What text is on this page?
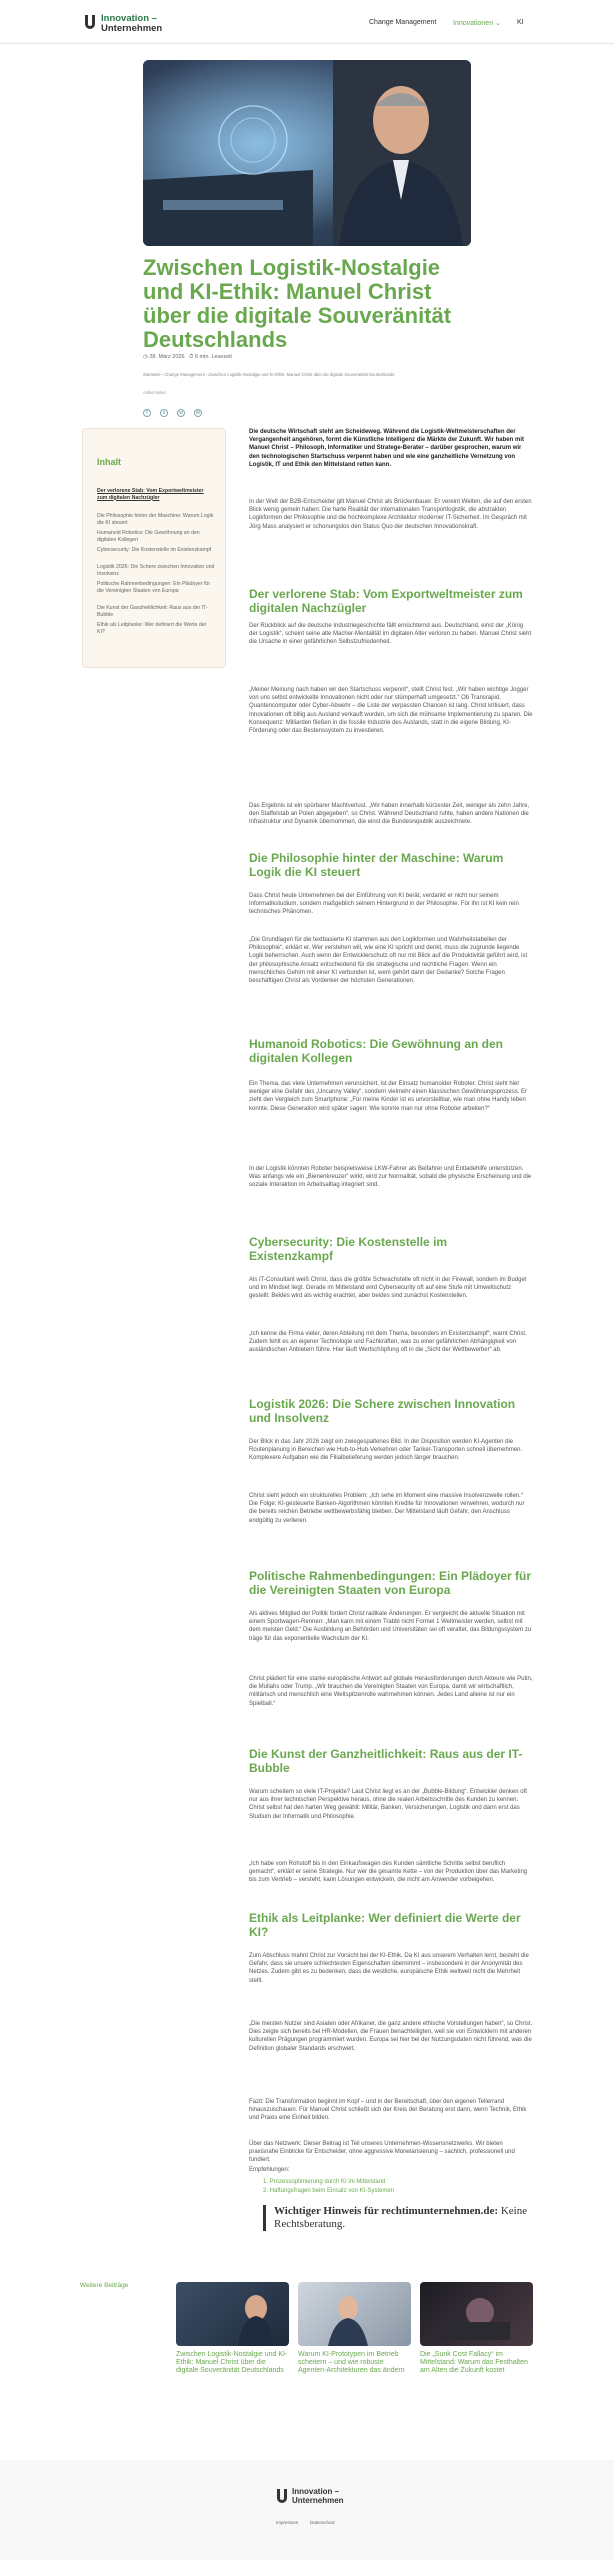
Innovation –
Unternehmen
Change Management Innovationen ⌄ KI
Zwischen Logistik-Nostalgie und KI-Ethik: Manuel Christ über die digitale Souveränität Deutschlands
◷ 28. März 2026 ⏱ 6 min. Lesezeit
Startseite › Change Management › Zwischen Logistik-Nostalgie und KI-Ethik: Manuel Christ über die digitale Souveränität Deutschlands
Artikel teilen
f	x	w	✉
Inhalt
Der verlorene Stab: Vom Exportweltmeister zum digitalen Nachzügler
Die Philosophie hinter der Maschine: Warum Logik die KI steuert
Humanoid Robotics: Die Gewöhnung an den digitalen Kollegen
Cybersecurity: Die Kostenstelle im Existenzkampf
Logistik 2026: Die Schere zwischen Innovation und Insolvenz
Politische Rahmenbedingungen: Ein Plädoyer für die Vereinigten Staaten von Europa
Die Kunst der Ganzheitlichkeit: Raus aus der IT-Bubble
Ethik als Leitplanke: Wer definiert die Werte der KI?
Die deutsche Wirtschaft steht am Scheideweg. Während die Logistik-Weltmeisterschaften der Vergangenheit angehören, formt die Künstliche Intelligenz die Märkte der Zukunft. Wir haben mit Manuel Christ – Philosoph, Informatiker und Stratege-Berater – darüber gesprochen, warum wir den technologischen Startschuss verpennt haben und wie eine ganzheitliche Vernetzung von Logistik, IT und Ethik den Mittelstand retten kann.
In der Welt der B2B-Entscheider gilt Manuel Christ als Brückenbauer. Er vereint Welten, die auf den ersten Blick wenig gemein haben: Die harte Realität der internationalen Transportlogistik, die abstrakten Logikformen der Philosophie und die hochkomplexe Architektur moderner IT-Sicherheit. Im Gespräch mit Jörg Mass analysiert er schonungslos den Status Quo der deutschen Innovationskraft.
Der verlorene Stab: Vom Exportweltmeister zum digitalen Nachzügler
Der Rückblick auf die deutsche Industriegeschichte fällt ernüchternd aus. Deutschland, einst der „König der Logistik“, scheint seine alte Macher-Mentalität im digitalen Alter verloren zu haben. Manuel Christ sieht die Ursache in einer gefährlichen Selbstzufriedenheit.
„Meiner Meinung nach haben wir den Startschuss verpennt“, stellt Christ fest. „Wir haben wichtige Jogger von uns selbst entwickelte Innovationen nicht oder nur stümperhaft umgesetzt.“ Ob Transrapid, Quantencomputer oder Cyber-Abwehr – die Liste der verpassten Chancen ist lang. Christ kritisiert, dass Innovationen oft billig aus Ausland verkauft wurden, um sich die mühsame Implementierung zu sparen. Die Konsequenz: Milliarden fließen in die fossile Industrie des Auslands, statt in die eigene Bildung, KI-Förderung oder das Bestenssystem zu investieren.
Das Ergebnis ist ein spürbarer Machtverlust. „Wir haben innerhalb kürzester Zeit, weniger als zehn Jahre, den Staffelstab an Polen abgegeben“, so Christ. Während Deutschland ruhte, haben andere Nationen die Infrastruktur und Dynamik übernommen, die einst die Bundesrepublik auszeichnete.
Die Philosophie hinter der Maschine: Warum Logik die KI steuert
Dass Christ heute Unternehmen bei der Einführung von KI berät, verdankt er nicht nur seinem Informatikstudium, sondern maßgeblich seinem Hintergrund in der Philosophie. Für ihn ist KI kein rein technisches Phänomen.
„Die Grundlagen für die textbasierte KI stammen aus den Logikformen und Wahrheitstabellen der Philosophie“, erklärt er. Wer verstehen will, wie eine KI spricht und denkt, muss die zugrunde liegende Logik beherrschen. Auch wenn der Entwicklerschutz oft nur mit Blick auf die Produktivität geführt wird, ist der philosophische Ansatz entscheidend für die strategische und rechtliche Fragen: Wenn ein menschliches Gehirn mit einer KI verbunden ist, wem gehört dann der Gedanke? Solche Fragen beschäftigen Christ als Vordenker der höchsten Generationen.
Humanoid Robotics: Die Gewöhnung an den digitalen Kollegen
Ein Thema, das viele Unternehmen verunsichert, ist der Einsatz humanoider Roboter. Christ sieht hier weniger eine Gefahr des „Uncanny Valley“, sondern vielmehr einen klassischen Gewöhnungsprozess. Er zieht den Vergleich zum Smartphone: „Für meine Kinder ist es unvorstellbar, wie man ohne Handy leben konnte. Diese Generation wird später sagen: Wie konnte man nur ohne Roboter arbeiten?“
In der Logistik könnten Roboter beispielsweise LKW-Fahrer als Beifahrer und Entladehilfe unterstützen. Was anfangs wie ein „Bienenkreuzer“ wirkt, wird zur Normalität, sobald die physische Erscheinung und die soziale Interaktion im Arbeitsalltag integriert sind.
Cybersecurity: Die Kostenstelle im Existenzkampf
Als IT-Consultant weiß Christ, dass die größte Schwachstelle oft nicht in der Firewall, sondern im Budget und im Mindset liegt. Gerade im Mittelstand wird Cybersecurity oft auf eine Stufe mit Umweltschutz gestellt: Beides wird als wichtig erachtet, aber beides sind zunächst Kostenstellen.
„Ich kenne die Firma vieler, deren Abteilung mit dem Thema, besonders im Existenzkampf“, warnt Christ. Zudem fehlt es an eigener Technologie und Fachkräften, was zu einer gefährlichen Abhängigkeit von ausländischen Anbietern führe. Hier läuft Wertschöpfung oft in die „Sicht der Wettbewerber“ ab.
Logistik 2026: Die Schere zwischen Innovation und Insolvenz
Der Blick in das Jahr 2026 zeigt ein zwiegespaltenes Bild. In der Disposition werden KI-Agenten die Routenplanung in Bereichen wie Hub-to-Hub-Verkehren oder Tanker-Transporten schnell übernehmen. Komplexere Aufgaben wie die Filialbelieferung werden jedoch länger brauchen.
Christ sieht jedoch ein strukturelles Problem: „Ich sehe im Moment eine massive Insolvenzwelle rollen.“ Die Folge: KI-gesteuerte Banken-Algorithmen könnten Kredite für Innovationen verwehren, wodurch nur die bereits reichen Betriebe wettbewerbsfähig bleiben. Der Mittelstand läuft Gefahr, den Anschluss endgültig zu verlieren.
Politische Rahmenbedingungen: Ein Plädoyer für die Vereinigten Staaten von Europa
Als aktives Mitglied der Politik fordert Christ radikale Änderungen. Er vergleicht die aktuelle Situation mit einem Sportwagen-Rennen: „Man kann mit einem Trabbi nicht Formel 1 Weltmeister werden, selbst mit dem meisten Geld.“ Die Ausbildung an Behörden und Universitäten sei oft veraltet, das Bildungssystem zu träge für das exponentielle Wachstum der KI.
Christ plädiert für eine starke europäische Antwort auf globale Herausforderungen durch Akteure wie Putin, die Mullahs oder Trump. „Wir brauchen die Vereinigten Staaten von Europa, damit wir wirtschaftlich, militärisch und menschlich eine Weltspitzenrolle wahrnehmen können. Jedes Land alleine ist nur ein Spielball.“
Die Kunst der Ganzheitlichkeit: Raus aus der IT-Bubble
Warum scheitern so viele IT-Projekte? Laut Christ liegt es an der „Bubble-Bildung“. Entwickler denken oft nur aus ihrer technischen Perspektive heraus, ohne die realen Arbeitsschritte des Kunden zu kennen. Christ selbst hat den harten Weg gewählt: Militär, Banken, Versicherungen, Logistik und dann erst das Studium der Informatik und Philosophie.
„Ich habe vom Rohstoff bis in den Einkaufswagen des Kunden sämtliche Schritte selbst beruflich gemacht“, erklärt er seine Strategie. Nur wer die gesamte Kette – von der Produktion über das Marketing bis zum Vertrieb – versteht, kann Lösungen entwickeln, die nicht am Anwender vorbeigehen.
Ethik als Leitplanke: Wer definiert die Werte der KI?
Zum Abschluss mahnt Christ zur Vorsicht bei der KI-Ethik. Da KI aus unserem Verhalten lernt, besteht die Gefahr, dass sie unsere schlechtesten Eigenschaften übernimmt – insbesondere in der Anonymität des Netzes. Zudem gibt es zu bedenken, dass die westliche, europäische Ethik weltweit nicht die Mehrheit stellt.
„Die meisten Nutzer sind Asiaten oder Afrikaner, die ganz andere ethische Vorstellungen haben“, so Christ. Dies zeigte sich bereits bei HR-Modellen, die Frauen benachteiligten, weil sie von Entwicklern mit anderen kulturellen Prägungen programmiert wurden. Europa sei hier bei der Nutzungsdaten nicht führend, was die Definition globaler Standards erschwert.
Fazit: Die Transformation beginnt im Kopf – und in der Bereitschaft, über den eigenen Tellerrand hinauszuschauen. Für Manuel Christ schließt sich der Kreis der Beratung erst dann, wenn Technik, Ethik und Praxis eine Einheit bilden.
Über das Netzwerk: Dieser Beitrag ist Teil unseres Unternehmen-Wissensnetzwerks. Wir bieten praxisnahe Einblicke für Entscheider, ohne aggressive Monetarisierung – sachlich, professionell und fundiert.
Empfehlungen:
1. Prozessoptimierung durch KI im Mittelstand
2. Haftungsfragen beim Einsatz von KI-Systemen
Wichtiger Hinweis für rechtimunternehmen.de: Keine Rechtsberatung.
Weitere Beiträge
Zwischen Logistik-Nostalgie und KI-Ethik: Manuel Christ über die digitale Souveränität Deutschlands
Warum KI-Prototypen im Betrieb scheitern – und wie robuste Agenten-Architekturen das ändern
Die „Sunk Cost Fallacy“ im Mittelstand: Warum das Festhalten am Alten die Zukunft kostet
Innovation –
Unternehmen
Impressum	Datenschutz
